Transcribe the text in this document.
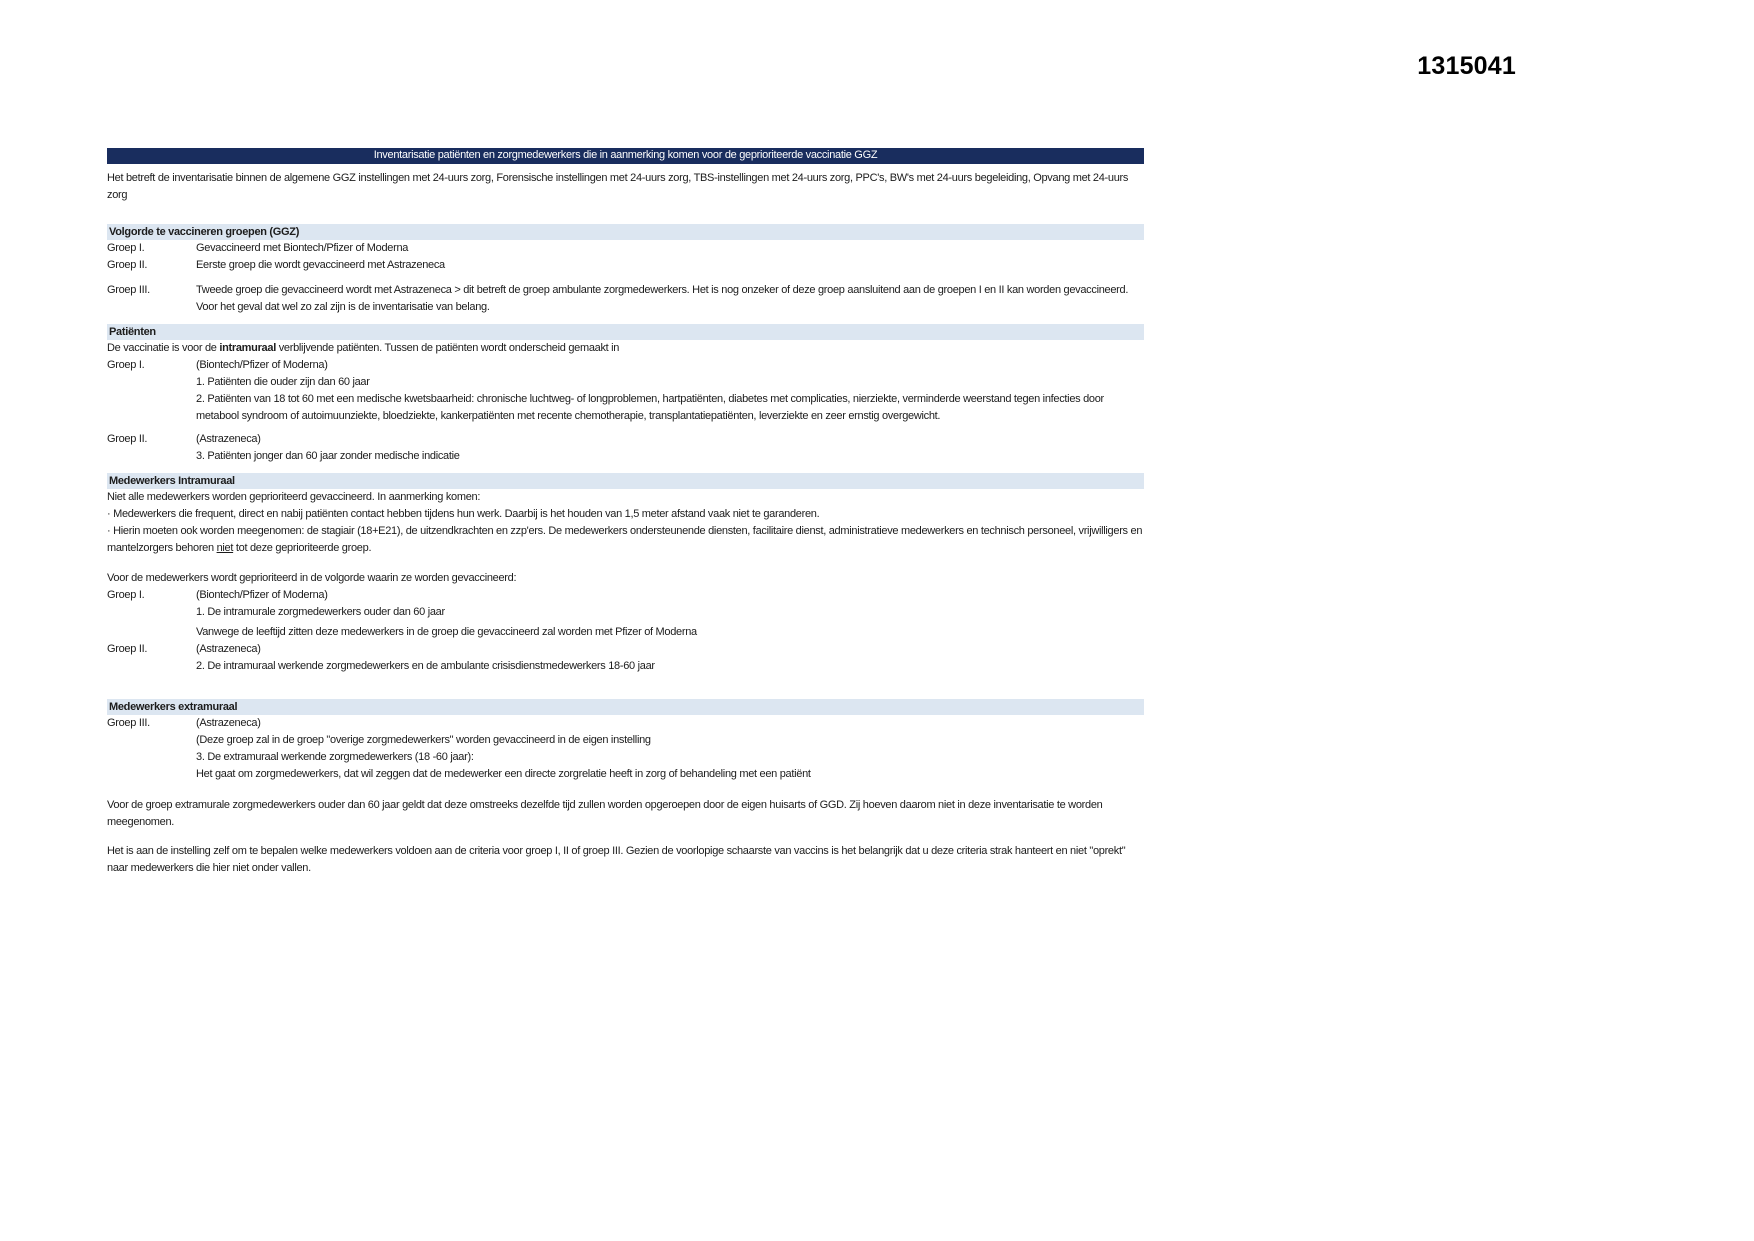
1315041
Inventarisatie patiënten en zorgmedewerkers die in aanmerking komen voor de geprioriteerde vaccinatie GGZ
Het betreft de inventarisatie binnen de algemene GGZ instellingen met 24-uurs zorg, Forensische instellingen met 24-uurs zorg, TBS-instellingen met 24-uurs zorg, PPC's, BW's met 24-uurs begeleiding, Opvang met 24-uurs zorg
Volgorde te vaccineren groepen (GGZ)
Groep I.	Gevaccineerd met Biontech/Pfizer of Moderna
Groep II.	Eerste groep die wordt gevaccineerd met Astrazeneca
Groep III.	Tweede groep die gevaccineerd wordt met Astrazeneca > dit betreft de groep ambulante zorgmedewerkers. Het is nog onzeker of deze groep aansluitend aan de groepen I en II kan worden gevaccineerd. Voor het geval dat wel zo zal zijn is de inventarisatie van belang.
Patiënten
De vaccinatie is voor de intramuraal verblijvende patiënten. Tussen de patiënten wordt onderscheid gemaakt in
Groep I.	(Biontech/Pfizer of Moderna)
1. Patiënten die ouder zijn dan 60 jaar
2. Patiënten van 18 tot 60 met een medische kwetsbaarheid: chronische luchtweg- of longproblemen, hartpatiënten, diabetes met complicaties, nierziekte, verminderde weerstand tegen infecties door metabool syndroom of autoimuunziekte, bloedziekte, kankerpatiënten met recente chemotherapie, transplantatiepatiënten, leverziekte en zeer ernstig overgewicht.
Groep II.	(Astrazeneca)
3. Patiënten jonger dan 60 jaar zonder medische indicatie
Medewerkers Intramuraal
Niet alle medewerkers worden geprioriteerd gevaccineerd. In aanmerking komen:
· Medewerkers die frequent, direct en nabij patiënten contact hebben tijdens hun werk. Daarbij is het houden van 1,5 meter afstand vaak niet te garanderen.
· Hierin moeten ook worden meegenomen: de stagiair (18+E21), de uitzendkrachten en zzp'ers. De medewerkers ondersteunende diensten, facilitaire dienst, administratieve medewerkers en technisch personeel, vrijwilligers en mantelzorgers behoren niet tot deze geprioriteerde groep.
Voor de medewerkers wordt geprioriteerd in de volgorde waarin ze worden gevaccineerd:
Groep I.	(Biontech/Pfizer of Moderna)
1. De intramurale zorgmedewerkers ouder dan 60 jaar
Vanwege de leeftijd zitten deze medewerkers in de groep die gevaccineerd zal worden met Pfizer of Moderna
Groep II.	(Astrazeneca)
2. De intramuraal werkende zorgmedewerkers en de ambulante crisisdienstmedewerkers 18-60 jaar
Medewerkers extramuraal
Groep III.	(Astrazeneca)
(Deze groep zal in de groep "overige zorgmedewerkers" worden gevaccineerd in de eigen instelling
3. De extramuraal werkende zorgmedewerkers (18 -60 jaar):
Het gaat om zorgmedewerkers, dat wil zeggen dat de medewerker een directe zorgrelatie heeft in zorg of behandeling met een patiënt
Voor de groep extramurale zorgmedewerkers ouder dan 60 jaar geldt dat deze omstreeks dezelfde tijd zullen worden opgeroepen door de eigen huisarts of GGD. Zij hoeven daarom niet in deze inventarisatie te worden meegenomen.
Het is aan de instelling zelf om te bepalen welke medewerkers voldoen aan de criteria voor groep I, II of groep III. Gezien de voorlopige schaarste van vaccins is het belangrijk dat u deze criteria strak hanteert en niet "oprekt" naar medewerkers die hier niet onder vallen.
